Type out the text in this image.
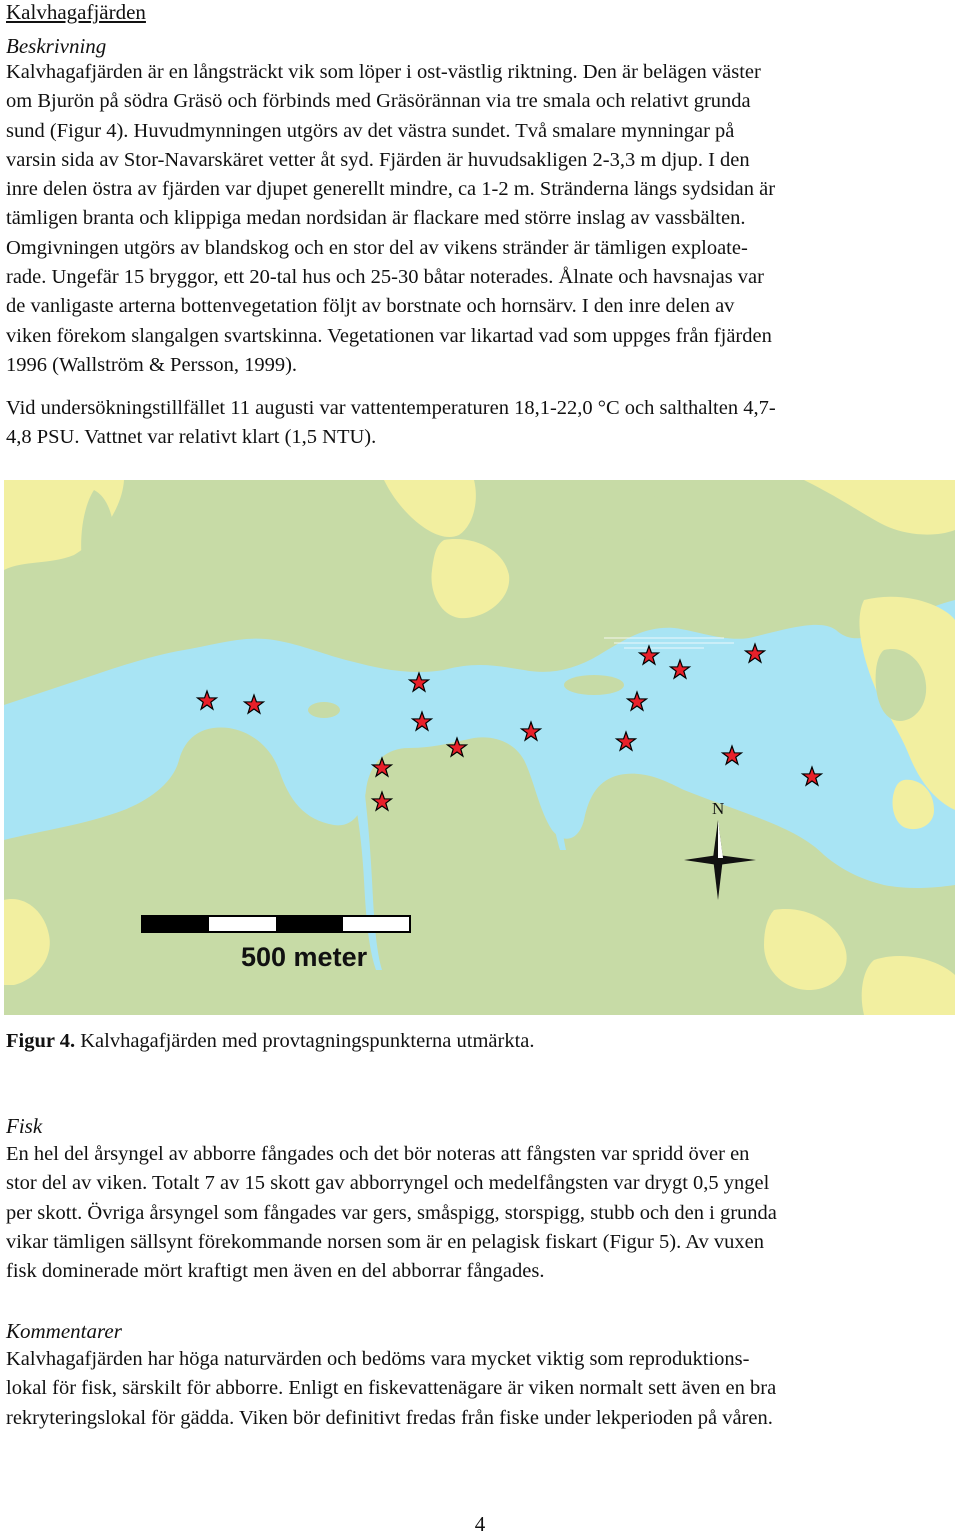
Kalvhagafjärden
Beskrivning
Kalvhagafjärden är en långsträckt vik som löper i ost-västlig riktning. Den är belägen väster
om Bjurön på södra Gräsö och förbinds med Gräsörännan via tre smala och relativt grunda
sund (Figur 4). Huvudmynningen utgörs av det västra sundet. Två smalare mynningar på
varsin sida av Stor-Navarskäret vetter åt syd. Fjärden är huvudsakligen 2-3,3 m djup. I den
inre delen östra av fjärden var djupet generellt mindre, ca 1-2 m. Stränderna längs sydsidan är
tämligen branta och klippiga medan nordsidan är flackare med större inslag av vassbälten.
Omgivningen utgörs av blandskog och en stor del av vikens stränder är tämligen exploate-
rade. Ungefär 15 bryggor, ett 20-tal hus och 25-30 båtar noterades. Ålnate och havsnajas var
de vanligaste arterna bottenvegetation följt av borstnate och hornsärv. I den inre delen av
viken förekom slangalgen svartskinna. Vegetationen var likartad vad som uppges från fjärden
1996 (Wallström & Persson, 1999).
Vid undersökningstillfället 11 augusti var vattentemperaturen 18,1-22,0 °C och salthalten 4,7-
4,8 PSU. Vattnet var relativt klart (1,5 NTU).
N
500 meter
Figur 4. Kalvhagafjärden med provtagningspunkterna utmärkta.
Fisk
En hel del årsyngel av abborre fångades och det bör noteras att fångsten var spridd över en
stor del av viken. Totalt 7 av 15 skott gav abborryngel och medelfångsten var drygt 0,5 yngel
per skott. Övriga årsyngel som fångades var gers, småspigg, storspigg, stubb och den i grunda
vikar tämligen sällsynt förekommande norsen som är en pelagisk fiskart (Figur 5). Av vuxen
fisk dominerade mört kraftigt men även en del abborrar fångades.
Kommentarer
Kalvhagafjärden har höga naturvärden och bedöms vara mycket viktig som reproduktions-
lokal för fisk, särskilt för abborre. Enligt en fiskevattenägare är viken normalt sett även en bra
rekryteringslokal för gädda. Viken bör definitivt fredas från fiske under lekperioden på våren.
4
